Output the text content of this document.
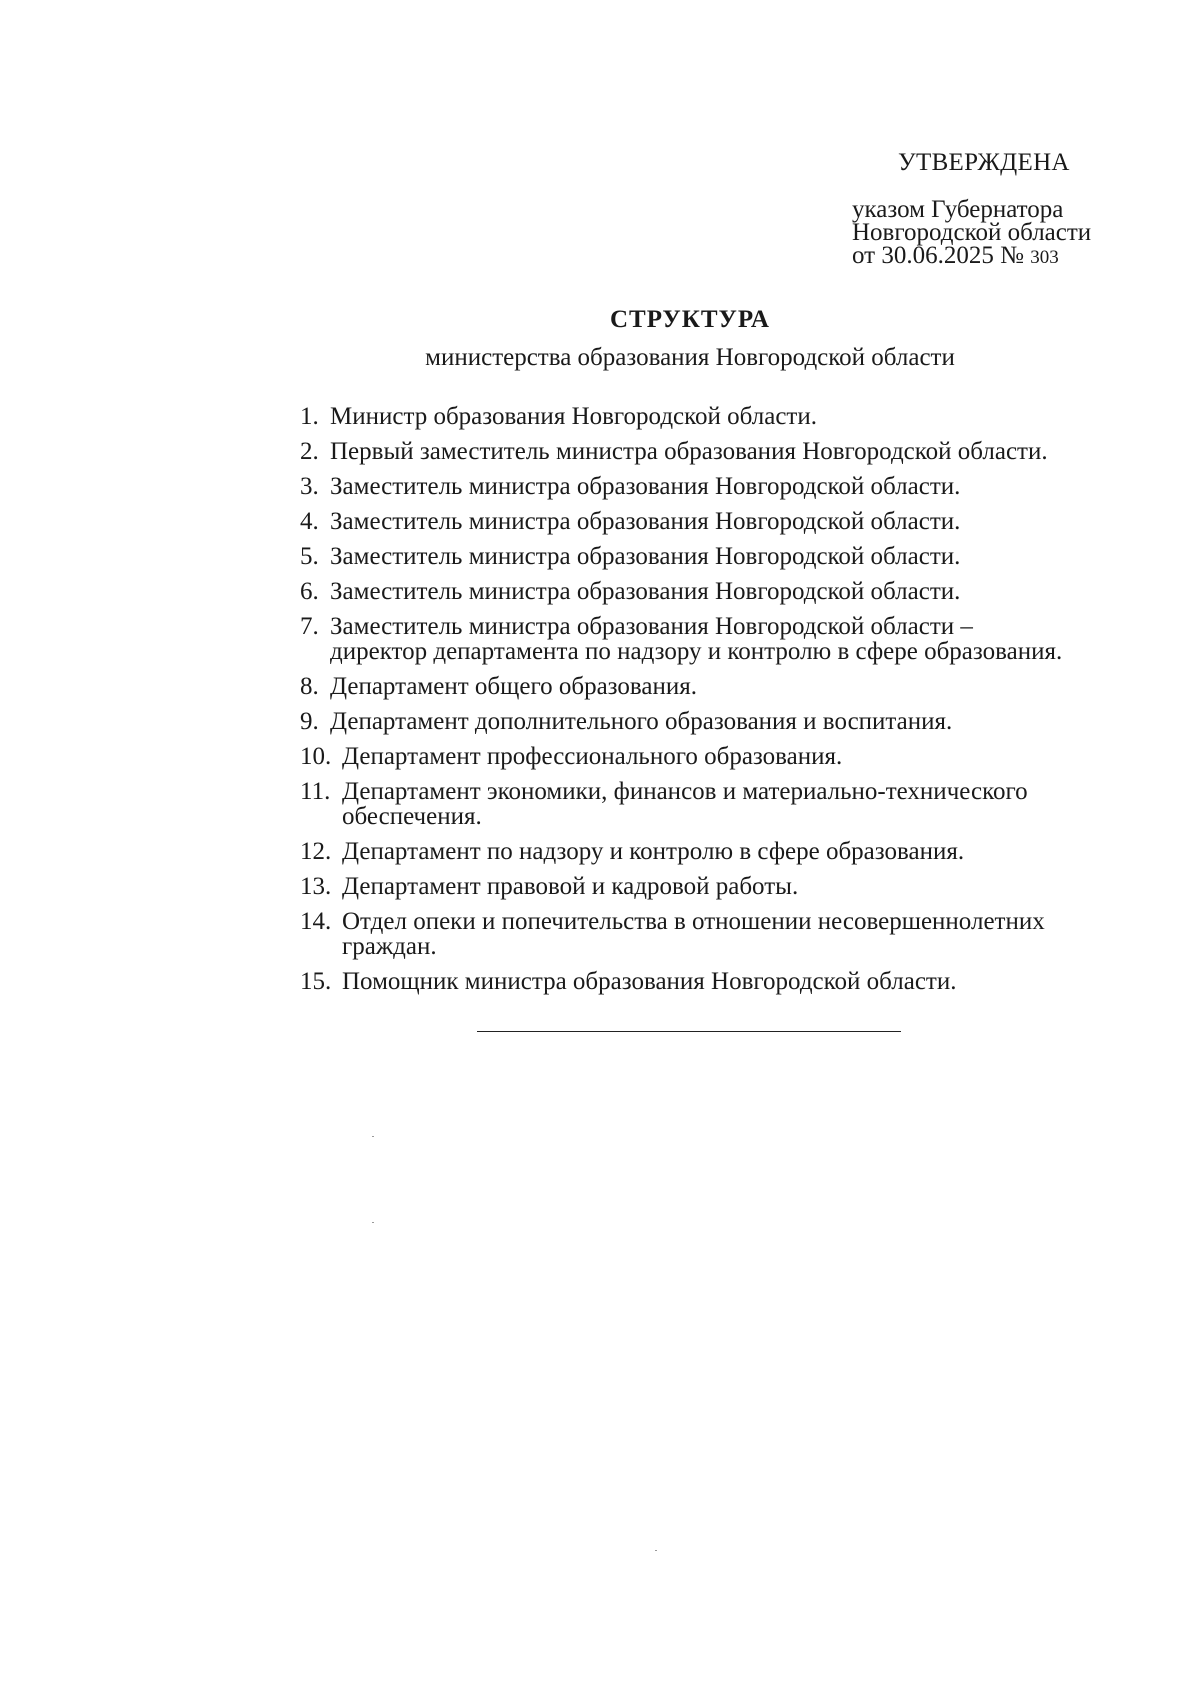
УТВЕРЖДЕНА
указом Губернатора
Новгородской области
от 30.06.2025 № 303
СТРУКТУРА
министерства образования Новгородской области
1. Министр образования Новгородской области.
2. Первый заместитель министра образования Новгородской области.
3. Заместитель министра образования Новгородской области.
4. Заместитель министра образования Новгородской области.
5. Заместитель министра образования Новгородской области.
6. Заместитель министра образования Новгородской области.
7. Заместитель министра образования Новгородской области –
директор департамента по надзору и контролю в сфере образования.
8. Департамент общего образования.
9. Департамент дополнительного образования и воспитания.
10. Департамент профессионального образования.
11. Департамент экономики, финансов и материально-технического
обеспечения.
12. Департамент по надзору и контролю в сфере образования.
13. Департамент правовой и кадровой работы.
14. Отдел опеки и попечительства в отношении несовершеннолетних
граждан.
15. Помощник министра образования Новгородской области.
